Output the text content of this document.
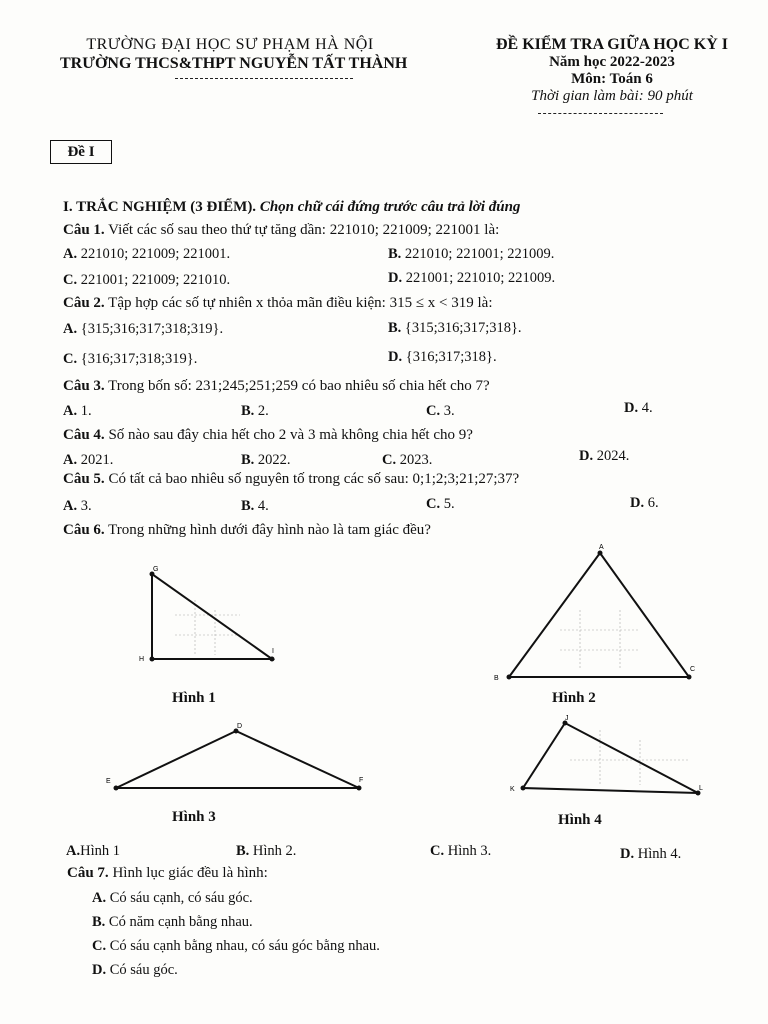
TRƯỜNG ĐẠI HỌC SƯ PHẠM HÀ NỘI
TRƯỜNG THCS&THPT NGUYỄN TẤT THÀNH
ĐỀ KIỂM TRA GIỮA HỌC KỲ I
Năm học 2022-2023
Môn: Toán 6
Thời gian làm bài: 90 phút
Đề I
I. TRẮC NGHIỆM (3 ĐIỂM). Chọn chữ cái đứng trước câu trả lời đúng
Câu 1. Viết các số sau theo thứ tự tăng dần: 221010; 221009; 221001 là:
A. 221010; 221009; 221001.	B. 221010; 221001; 221009.
C. 221001; 221009; 221010.	D. 221001; 221010; 221009.
Câu 2. Tập hợp các số tự nhiên x thỏa mãn điều kiện: 315 ≤ x < 319 là:
A. {315;316;317;318;319}.	B. {315;316;317;318}.
C. {316;317;318;319}.	D. {316;317;318}.
Câu 3. Trong bốn số: 231;245;251;259 có bao nhiêu số chia hết cho 7?
A. 1.	B. 2.	C. 3.	D. 4.
Câu 4. Số nào sau đây chia hết cho 2 và 3 mà không chia hết cho 9?
A. 2021.	B. 2022.	C. 2023.	D. 2024.
Câu 5. Có tất cả bao nhiêu số nguyên tố trong các số sau: 0;1;2;3;21;27;37?
A. 3.	B. 4.	C. 5.	D. 6.
Câu 6. Trong những hình dưới đây hình nào là tam giác đều?
G
H
I
A
B
C
D
E	F
J
K	L
Hình 1	Hình 2
Hình 3	Hình 4
A.Hình 1	B. Hình 2.	C. Hình 3.	D. Hình 4.
Câu 7. Hình lục giác đều là hình:
A. Có sáu cạnh, có sáu góc.
B. Có năm cạnh bằng nhau.
C. Có sáu cạnh bằng nhau, có sáu góc bằng nhau.
D. Có sáu góc.
